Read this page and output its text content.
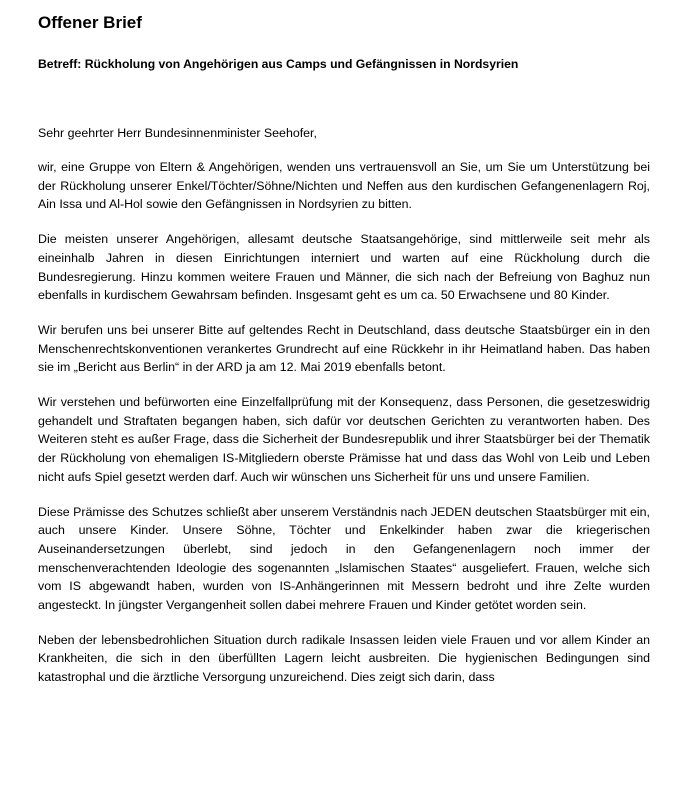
Offener Brief
Betreff: Rückholung von Angehörigen aus Camps und Gefängnissen in Nordsyrien
Sehr geehrter Herr Bundesinnenminister Seehofer,

wir, eine Gruppe von Eltern & Angehörigen, wenden uns vertrauensvoll an Sie, um Sie um Unterstützung bei der Rückholung unserer Enkel/Töchter/Söhne/Nichten und Neffen aus den kurdischen Gefangenenlagern Roj, Ain Issa und Al-Hol sowie den Gefängnissen in Nordsyrien zu bitten.

Die meisten unserer Angehörigen, allesamt deutsche Staatsangehörige, sind mittlerweile seit mehr als eineinhalb Jahren in diesen Einrichtungen interniert und warten auf eine Rückholung durch die Bundesregierung. Hinzu kommen weitere Frauen und Männer, die sich nach der Befreiung von Baghuz nun ebenfalls in kurdischem Gewahrsam befinden. Insgesamt geht es um ca. 50 Erwachsene und 80 Kinder.

Wir berufen uns bei unserer Bitte auf geltendes Recht in Deutschland, dass deutsche Staatsbürger ein in den Menschenrechtskonventionen verankertes Grundrecht auf eine Rückkehr in ihr Heimatland haben. Das haben sie im „Bericht aus Berlin“ in der ARD ja am 12. Mai 2019 ebenfalls betont.

Wir verstehen und befürworten eine Einzelfallprüfung mit der Konsequenz, dass Personen, die gesetzeswidrig gehandelt und Straftaten begangen haben, sich dafür vor deutschen Gerichten zu verantworten haben. Des Weiteren steht es außer Frage, dass die Sicherheit der Bundesrepublik und ihrer Staatsbürger bei der Thematik der Rückholung von ehemaligen IS-Mitgliedern oberste Prämisse hat und dass das Wohl von Leib und Leben nicht aufs Spiel gesetzt werden darf. Auch wir wünschen uns Sicherheit für uns und unsere Familien.

Diese Prämisse des Schutzes schließt aber unserem Verständnis nach JEDEN deutschen Staatsbürger mit ein, auch unsere Kinder. Unsere Söhne, Töchter und Enkelkinder haben zwar die kriegerischen Auseinandersetzungen überlebt, sind jedoch in den Gefangenenlagern noch immer der menschenverachtenden Ideologie des sogenannten „Islamischen Staates“ ausgeliefert. Frauen, welche sich vom IS abgewandt haben, wurden von IS-Anhängerinnen mit Messern bedroht und ihre Zelte wurden angesteckt. In jüngster Vergangenheit sollen dabei mehrere Frauen und Kinder getötet worden sein.

Neben der lebensbedrohlichen Situation durch radikale Insassen leiden viele Frauen und vor allem Kinder an Krankheiten, die sich in den überfüllten Lagern leicht ausbreiten. Die hygienischen Bedingungen sind katastrophal und die ärztliche Versorgung unzureichend. Dies zeigt sich darin, dass
